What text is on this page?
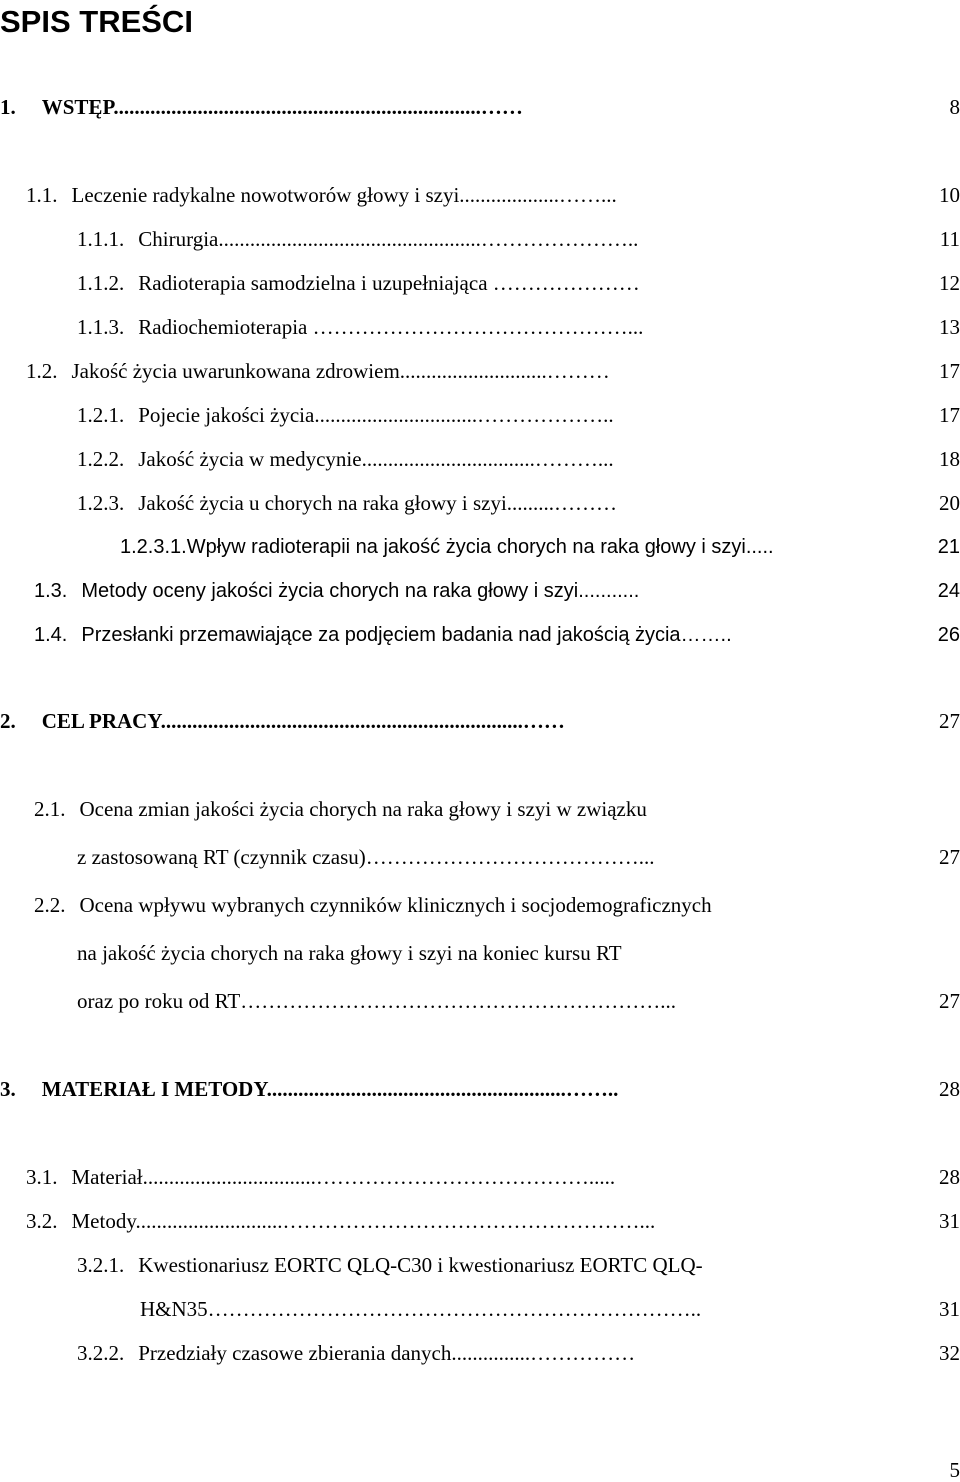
SPIS TREŚCI
1. WSTĘP......................................................................……	8
1.1. Leczenie radykalne nowotworów głowy i szyi...................……...	10
1.1.1. Chirurgia..................................................…………………..	11
1.1.2. Radioterapia samodzielna i uzupełniająca …………………	12
1.1.3. Radiochemioterapia ………………………………………...	13
1.2. Jakość życia uwarunkowana zdrowiem............................………	17
1.2.1. Pojecie jakości życia...............................………………..	17
1.2.2. Jakość życia w medycynie.................................………...	18
1.2.3. Jakość życia u chorych na raka głowy i szyi.........………	20
1.2.3.1.Wpływ radioterapii na jakość życia chorych na raka głowy i szyi.....	21
1.3. Metody oceny jakości życia chorych na raka głowy i szyi...........	24
1.4. Przesłanki przemawiające za podjęciem badania nad jakością życia……..	26
2. CEL PRACY.....................................................................……	27
2.1. Ocena zmian jakości życia chorych na raka głowy i szyi w związku
z zastosowaną RT (czynnik czasu)…………………………………...	27
2.2. Ocena wpływu wybranych czynników klinicznych i socjodemograficznych
na jakość życia chorych na raka głowy i szyi na koniec kursu RT
oraz po roku od RT……………………………………………………...	27
3. MATERIAŁ I METODY.........................................................……..	28
3.1. Materiał.................................………………………………….....	28
3.2. Metody............................……………………………………………...	31
3.2.1. Kwestionariusz EORTC QLQ-C30 i kwestionariusz EORTC QLQ-
H&N35……………………………………………………………..	31
3.2.2. Przedziały czasowe zbierania danych...............……………	32
5
